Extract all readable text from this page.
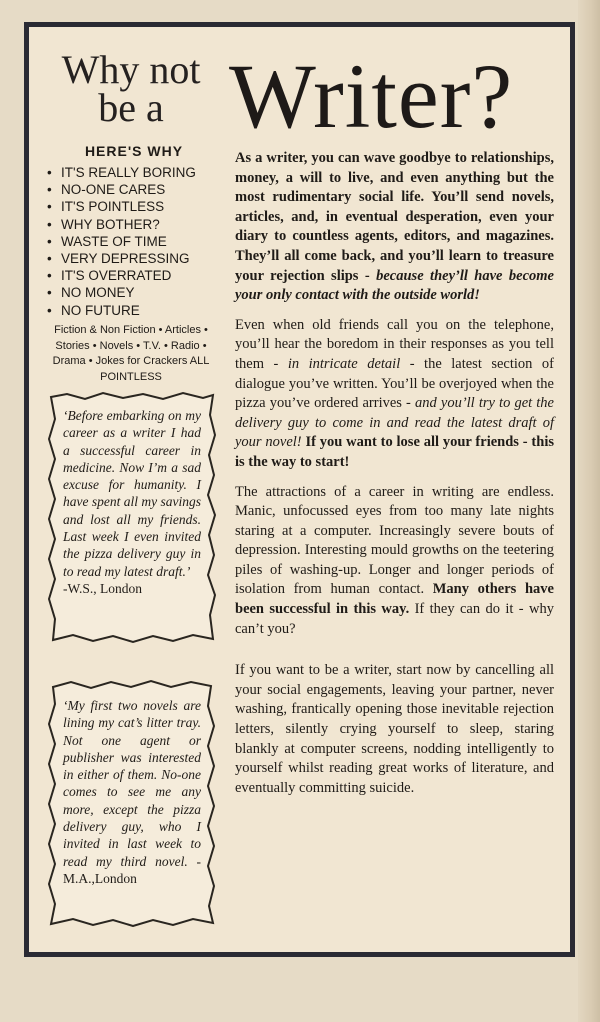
Why not be a Writer?
HERE'S WHY
• IT'S REALLY BORING
• NO-ONE CARES
• IT'S POINTLESS
• WHY BOTHER?
• WASTE OF TIME
• VERY DEPRESSING
• IT'S OVERRATED
• NO MONEY
• NO FUTURE

Fiction & Non Fiction • Articles • Stories • Novels • T.V. • Radio • Drama • Jokes for Crackers ALL POINTLESS

‘Before embarking on my career as a writer I had a successful career in medicine. Now I’m a sad excuse for humanity. I have spent all my savings and lost all my friends. Last week I even invited the pizza delivery guy in to read my latest draft.’
-W.S., London

‘My first two novels are lining my cat’s litter tray. Not one agent or publisher was interested in either of them. No-one comes to see me any more, except the pizza delivery guy, who I invited in last week to read my third novel. -M.A.,London

As a writer, you can wave goodbye to relationships, money, a will to live, and even anything but the most rudimentary social life. You’ll send novels, articles, and, in eventual desperation, even your diary to countless agents, editors, and magazines. They’ll all come back, and you’ll learn to treasure your rejection slips - because they’ll have become your only contact with the outside world!

Even when old friends call you on the telephone, you’ll hear the boredom in their responses as you tell them - in intricate detail - the latest section of dialogue you’ve written. You’ll be overjoyed when the pizza you’ve ordered arrives - and you’ll try to get the delivery guy to come in and read the latest draft of your novel! If you want to lose all your friends - this is the way to start!

The attractions of a career in writing are endless. Manic, unfocussed eyes from too many late nights staring at a computer. Increasingly severe bouts of depression. Interesting mould growths on the teetering piles of washing-up. Longer and longer periods of isolation from human contact. Many others have been successful in this way. If they can do it - why can’t you?

If you want to be a writer, start now by cancelling all your social engagements, leaving your partner, never washing, frantically opening those inevitable rejection letters, silently crying yourself to sleep, staring blankly at computer screens, nodding intelligently to yourself whilst reading great works of literature, and eventually committing suicide.
